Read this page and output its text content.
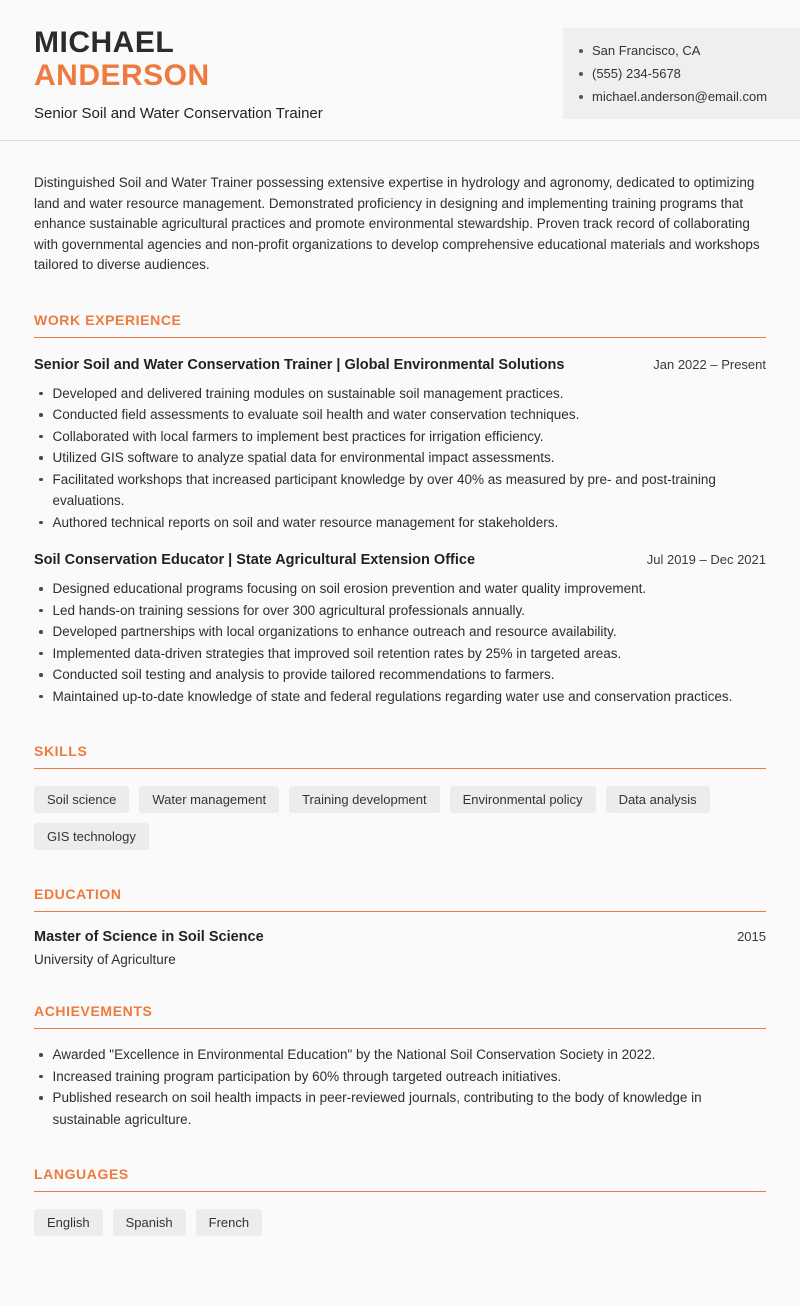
MICHAEL
ANDERSON
Senior Soil and Water Conservation Trainer
San Francisco, CA
(555) 234-5678
michael.anderson@email.com

Distinguished Soil and Water Trainer possessing extensive expertise in hydrology and agronomy, dedicated to optimizing land and water resource management. Demonstrated proficiency in designing and implementing training programs that enhance sustainable agricultural practices and promote environmental stewardship. Proven track record of collaborating with governmental agencies and non-profit organizations to develop comprehensive educational materials and workshops tailored to diverse audiences.

WORK EXPERIENCE
Senior Soil and Water Conservation Trainer | Global Environmental Solutions	Jan 2022 – Present
Developed and delivered training modules on sustainable soil management practices.
Conducted field assessments to evaluate soil health and water conservation techniques.
Collaborated with local farmers to implement best practices for irrigation efficiency.
Utilized GIS software to analyze spatial data for environmental impact assessments.
Facilitated workshops that increased participant knowledge by over 40% as measured by pre- and post-training evaluations.
Authored technical reports on soil and water resource management for stakeholders.
Soil Conservation Educator | State Agricultural Extension Office	Jul 2019 – Dec 2021
Designed educational programs focusing on soil erosion prevention and water quality improvement.
Led hands-on training sessions for over 300 agricultural professionals annually.
Developed partnerships with local organizations to enhance outreach and resource availability.
Implemented data-driven strategies that improved soil retention rates by 25% in targeted areas.
Conducted soil testing and analysis to provide tailored recommendations to farmers.
Maintained up-to-date knowledge of state and federal regulations regarding water use and conservation practices.
SKILLS
Soil science	Water management	Training development	Environmental policy	Data analysis
GIS technology
EDUCATION
Master of Science in Soil Science	2015
University of Agriculture
ACHIEVEMENTS
Awarded "Excellence in Environmental Education" by the National Soil Conservation Society in 2022.
Increased training program participation by 60% through targeted outreach initiatives.
Published research on soil health impacts in peer-reviewed journals, contributing to the body of knowledge in sustainable agriculture.
LANGUAGES
English	Spanish	French
